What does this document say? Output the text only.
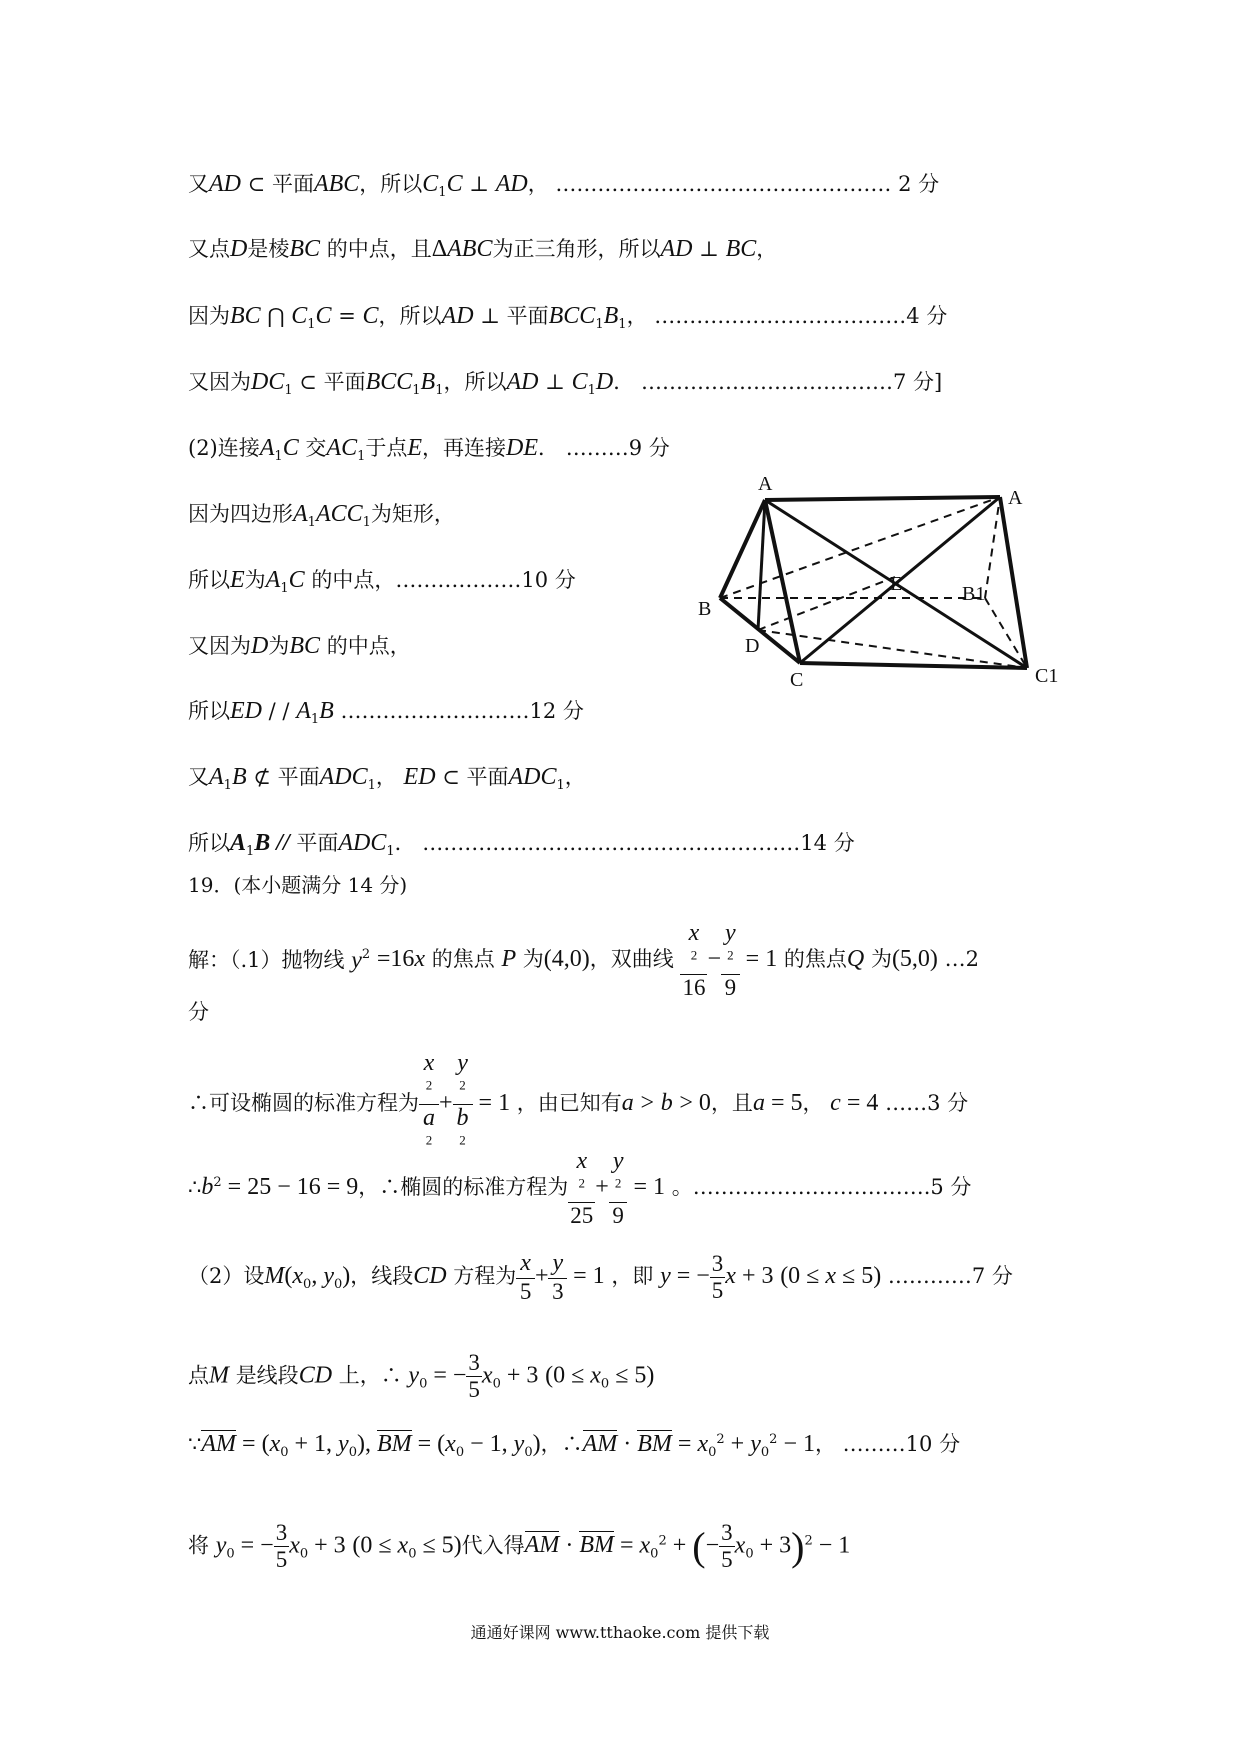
又AD ⊂ 平面ABC，所以$C_1C$ ⊥ AD， ………………………………………… 2 分
又点D是棱BC 的中点，且ΔABC为正三角形，所以AD ⊥ BC，
因为BC ⋂ $C_1C = C$，所以AD ⊥ 平面$BCC_1B_1$， ………………………………4 分
又因为$DC_1$ ⊂ 平面$BCC_1B_1$，所以AD ⊥ $C_1D$． ………………………………7 分]
(2)连接$A_1C$ 交$AC_1$于点E，再连接DE． ………9 分
因为四边形$A_1ACC_1$为矩形，
所以E为$A_1C$ 的中点，………………10 分
又因为D为BC 的中点，
所以ED / / $A_1B$ ………………………12 分
又$A_1B$ ⊄ 平面$ADC_1$， ED ⊂ 平面$ADC_1$，
所以$A_1B$ // 平面$ADC_1$． ………………………………………………14 分
19．(本小题满分 14 分)
解：（.1）抛物线 $y^2 =16x$ 的焦点 P 为(4,0)，双曲线 x
$^2$
16 − y
$^2$
9 = 1 的焦点Q 为(5,0) …2
分
∴可设椭圆的标准方程为 x
$^2$
a
$^2$ + y
$^2$
b
$^2$ = 1 ，由已知有a > b > 0，且a = 5， c = 4 ……3 分
$\therefore b^2 = 25 - 16 = 9$，∴椭圆的标准方程为 x
$^2$
25 + y
$^2$
9 = 1 。…………………………….5 分
（2）设$M(x_0$, $y_0$)，线段CD 方程为 $\frac{x}{5} + \frac{y}{3} = 1$ ，即 y = − $\frac{3}{5}$ x + 3 (0 ≤ x ≤ 5) …………7 分
点M 是线段CD 上，∴ $y_0$ = − $\frac{3}{5} x_0 + 3$ $(0 \le x_0 \le 5)$
∵AM = ($x_0 + 1$, $y_0$), BM = ($x_0 - 1$, $y_0$)，∴AM · BM = $x_0^2 + y_0^2 - 1$， ………10 分
将 $y_0$ = − $\frac{3}{5} x_0 + 3$ $(0 \le x_0 \le 5)$代入得AM · BM = $x_0^2$ + (− $\frac{3}{5} x_0 + 3)^2 - 1$
A
A
B
E	B1
D
C	C1
通通好课网 www.tthaoke.com 提供下载
